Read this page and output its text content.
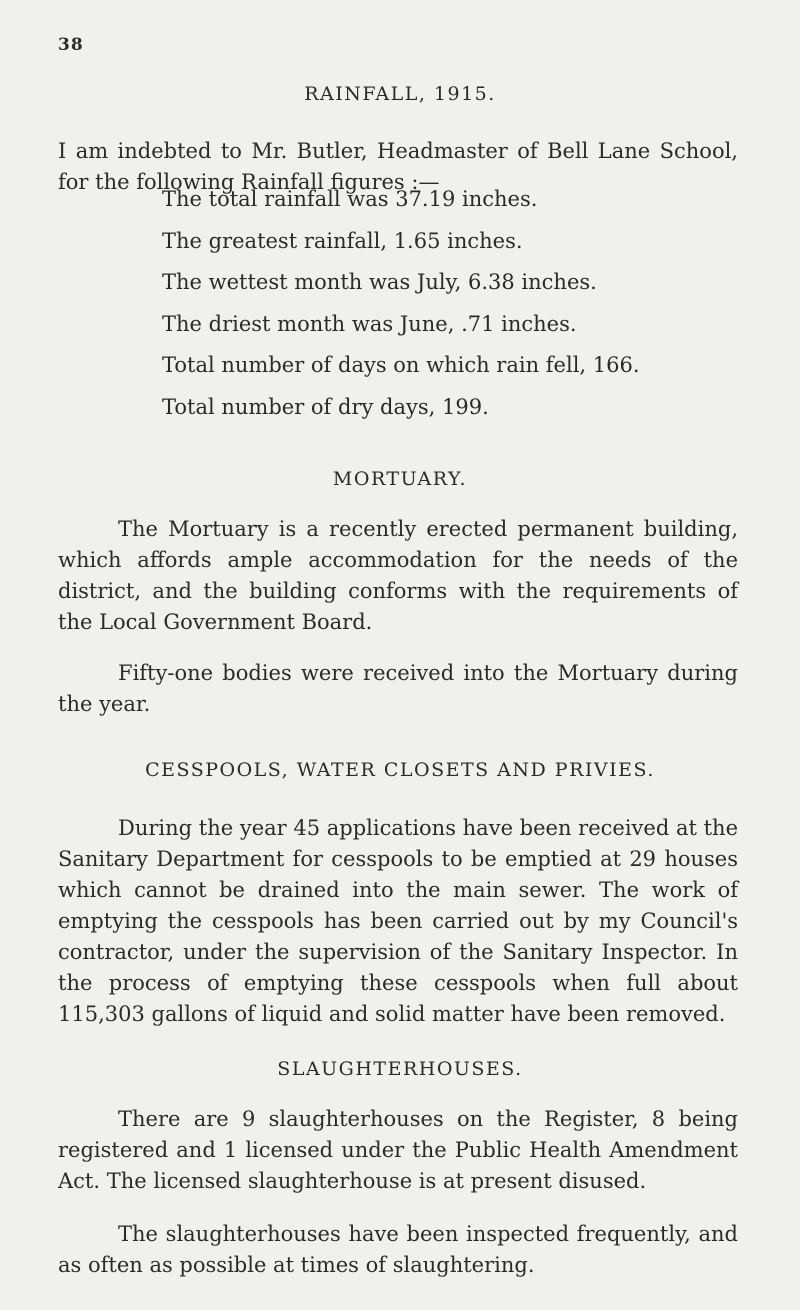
38
RAINFALL, 1915.
I am indebted to Mr. Butler, Headmaster of Bell Lane School, for the following Rainfall figures :—
The total rainfall was 37.19 inches.
The greatest rainfall, 1.65 inches.
The wettest month was July, 6.38 inches.
The driest month was June, .71 inches.
Total number of days on which rain fell, 166.
Total number of dry days, 199.
MORTUARY.
The Mortuary is a recently erected permanent building, which affords ample accommodation for the needs of the district, and the building conforms with the requirements of the Local Government Board.
Fifty-one bodies were received into the Mortuary during the year.
CESSPOOLS, WATER CLOSETS AND PRIVIES.
During the year 45 applications have been received at the Sanitary Department for cesspools to be emptied at 29 houses which cannot be drained into the main sewer. The work of emptying the cesspools has been carried out by my Council's contractor, under the supervision of the Sanitary Inspector. In the process of emptying these cesspools when full about 115,303 gallons of liquid and solid matter have been removed.
SLAUGHTERHOUSES.
There are 9 slaughterhouses on the Register, 8 being registered and 1 licensed under the Public Health Amendment Act. The licensed slaughterhouse is at present disused.
The slaughterhouses have been inspected frequently, and as often as possible at times of slaughtering.
